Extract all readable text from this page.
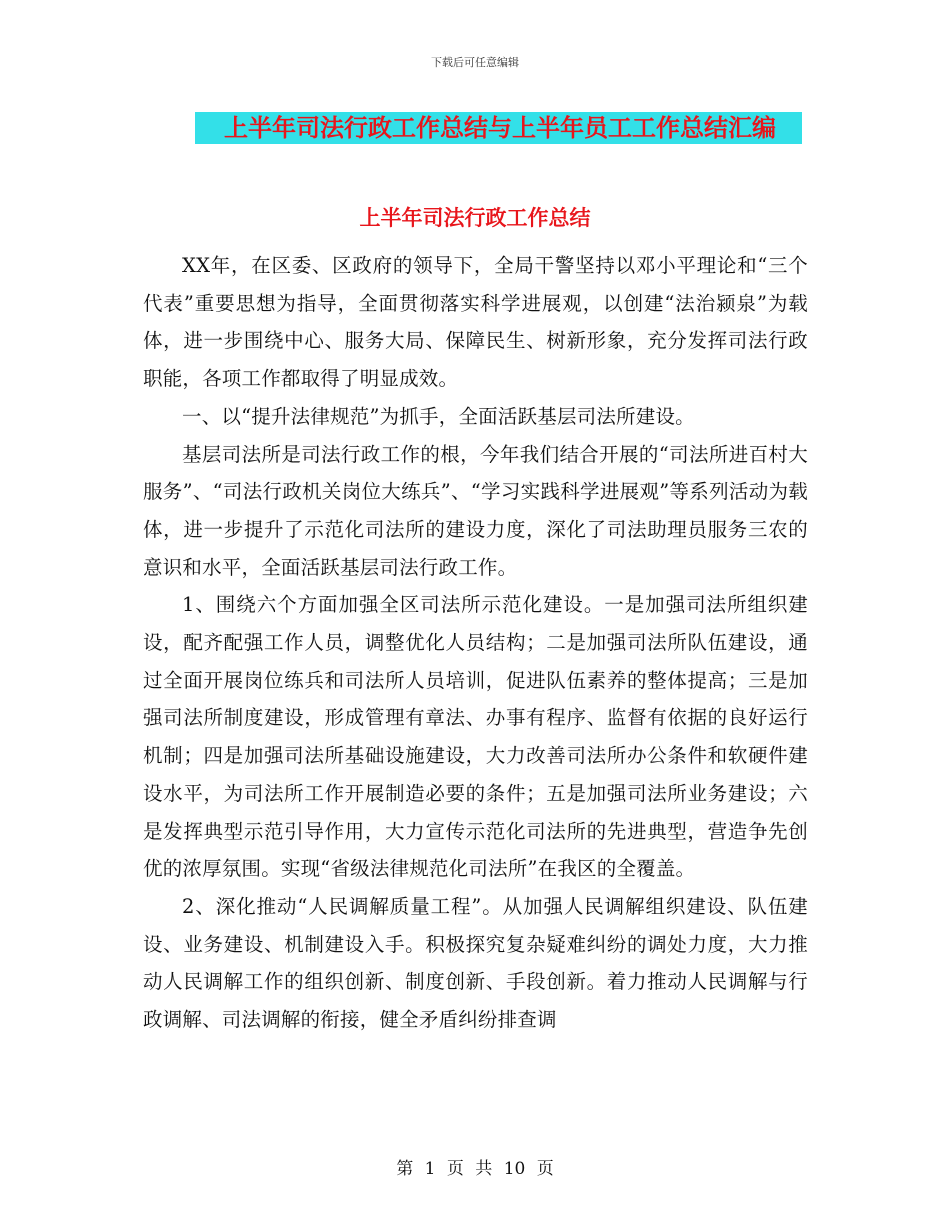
下载后可任意编辑
上半年司法行政工作总结与上半年员工工作总结汇编
上半年司法行政工作总结

XX年，在区委、区政府的领导下，全局干警坚持以邓小平理论和“三个代表”重要思想为指导，全面贯彻落实科学进展观，以创建“法治颍泉”为载体，进一步围绕中心、服务大局、保障民生、树新形象，充分发挥司法行政职能，各项工作都取得了明显成效。

一、以“提升法律规范”为抓手，全面活跃基层司法所建设。

基层司法所是司法行政工作的根，今年我们结合开展的“司法所进百村大服务”、“司法行政机关岗位大练兵”、“学习实践科学进展观”等系列活动为载体，进一步提升了示范化司法所的建设力度，深化了司法助理员服务三农的意识和水平，全面活跃基层司法行政工作。

1、围绕六个方面加强全区司法所示范化建设。一是加强司法所组织建设，配齐配强工作人员，调整优化人员结构；二是加强司法所队伍建设，通过全面开展岗位练兵和司法所人员培训，促进队伍素养的整体提高；三是加强司法所制度建设，形成管理有章法、办事有程序、监督有依据的良好运行机制；四是加强司法所基础设施建设，大力改善司法所办公条件和软硬件建设水平，为司法所工作开展制造必要的条件；五是加强司法所业务建设；六是发挥典型示范引导作用，大力宣传示范化司法所的先进典型，营造争先创优的浓厚氛围。实现“省级法律规范化司法所”在我区的全覆盖。

2、深化推动“人民调解质量工程”。从加强人民调解组织建设、队伍建设、业务建设、机制建设入手。积极探究复杂疑难纠纷的调处力度，大力推动人民调解工作的组织创新、制度创新、手段创新。着力推动人民调解与行政调解、司法调解的衔接，健全矛盾纠纷排查调

第 1 页 共 10 页
